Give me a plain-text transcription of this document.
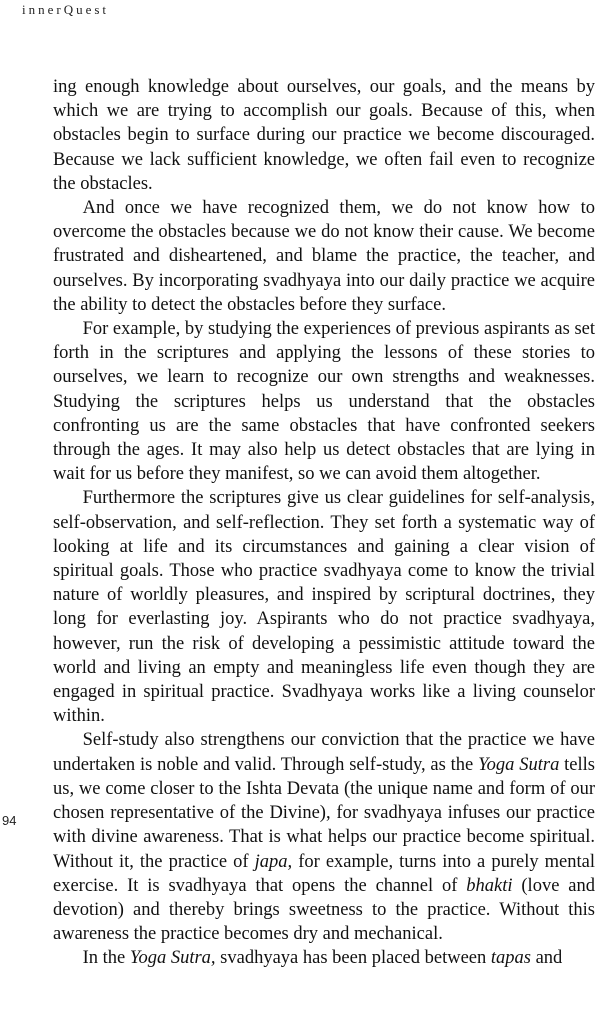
innerQuest
94

ing enough knowledge about ourselves, our goals, and the means by which we are trying to accomplish our goals. Because of this, when obstacles begin to surface during our practice we become discouraged. Because we lack sufficient knowledge, we often fail even to recognize the obstacles.

And once we have recognized them, we do not know how to overcome the obstacles because we do not know their cause. We become frustrated and disheartened, and blame the practice, the teacher, and ourselves. By incorporating svadhyaya into our daily practice we acquire the ability to detect the obstacles before they surface.

For example, by studying the experiences of previous aspirants as set forth in the scriptures and applying the lessons of these stories to ourselves, we learn to recognize our own strengths and weaknesses. Studying the scriptures helps us understand that the obstacles confronting us are the same obstacles that have confronted seekers through the ages. It may also help us detect obstacles that are lying in wait for us before they manifest, so we can avoid them altogether.

Furthermore the scriptures give us clear guidelines for self-analysis, self-observation, and self-reflection. They set forth a systematic way of looking at life and its circumstances and gaining a clear vision of spiritual goals. Those who practice svadhyaya come to know the trivial nature of worldly pleasures, and inspired by scriptural doctrines, they long for everlasting joy. Aspirants who do not practice svadhyaya, however, run the risk of developing a pessimistic attitude toward the world and living an empty and meaningless life even though they are engaged in spiritual practice. Svadhyaya works like a living counselor within.

Self-study also strengthens our conviction that the practice we have undertaken is noble and valid. Through self-study, as the Yoga Sutra tells us, we come closer to the Ishta Devata (the unique name and form of our chosen representative of the Divine), for svadhyaya infuses our practice with divine awareness. That is what helps our practice become spiritual. Without it, the practice of japa, for example, turns into a purely mental exercise. It is svadhyaya that opens the channel of bhakti (love and devotion) and thereby brings sweetness to the practice. Without this awareness the practice becomes dry and mechanical.

In the Yoga Sutra, svadhyaya has been placed between tapas and
